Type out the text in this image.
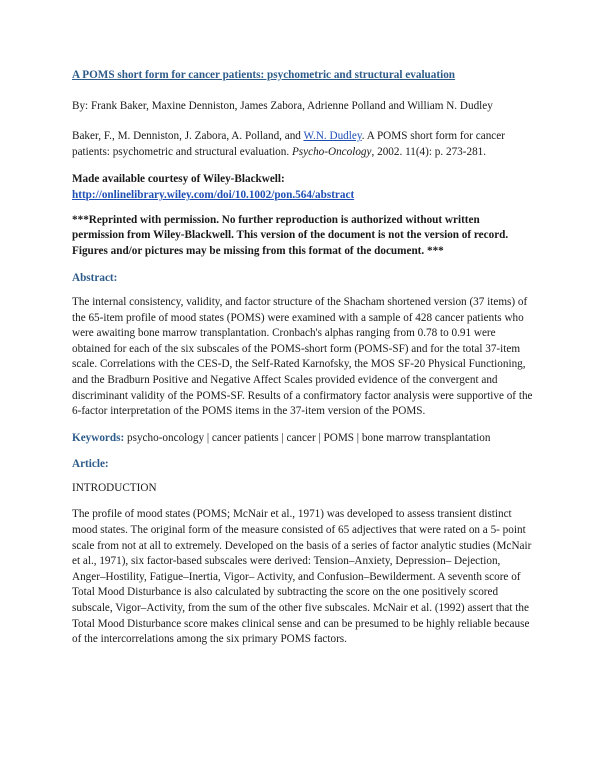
A POMS short form for cancer patients: psychometric and structural evaluation

By: Frank Baker, Maxine Denniston, James Zabora, Adrienne Polland and William N. Dudley

Baker, F., M. Denniston, J. Zabora, A. Polland, and W.N. Dudley. A POMS short form for cancer patients: psychometric and structural evaluation. Psycho-Oncology, 2002. 11(4): p. 273-281.

Made available courtesy of Wiley-Blackwell:

http://onlinelibrary.wiley.com/doi/10.1002/pon.564/abstract

***Reprinted with permission. No further reproduction is authorized without written permission from Wiley-Blackwell. This version of the document is not the version of record. Figures and/or pictures may be missing from this format of the document. ***

Abstract:

The internal consistency, validity, and factor structure of the Shacham shortened version (37 items) of the 65-item profile of mood states (POMS) were examined with a sample of 428 cancer patients who were awaiting bone marrow transplantation. Cronbach's alphas ranging from 0.78 to 0.91 were obtained for each of the six subscales of the POMS-short form (POMS-SF) and for the total 37-item scale. Correlations with the CES-D, the Self-Rated Karnofsky, the MOS SF-20 Physical Functioning, and the Bradburn Positive and Negative Affect Scales provided evidence of the convergent and discriminant validity of the POMS-SF. Results of a confirmatory factor analysis were supportive of the 6-factor interpretation of the POMS items in the 37-item version of the POMS.

Keywords: psycho-oncology | cancer patients | cancer | POMS | bone marrow transplantation

Article:

INTRODUCTION

The profile of mood states (POMS; McNair et al., 1971) was developed to assess transient distinct mood states. The original form of the measure consisted of 65 adjectives that were rated on a 5- point scale from not at all to extremely. Developed on the basis of a series of factor analytic studies (McNair et al., 1971), six factor-based subscales were derived: Tension–Anxiety, Depression– Dejection, Anger–Hostility, Fatigue–Inertia, Vigor– Activity, and Confusion–Bewilderment. A seventh score of Total Mood Disturbance is also calculated by subtracting the score on the one positively scored subscale, Vigor–Activity, from the sum of the other five subscales. McNair et al. (1992) assert that the Total Mood Disturbance score makes clinical sense and can be presumed to be highly reliable because of the intercorrelations among the six primary POMS factors.
